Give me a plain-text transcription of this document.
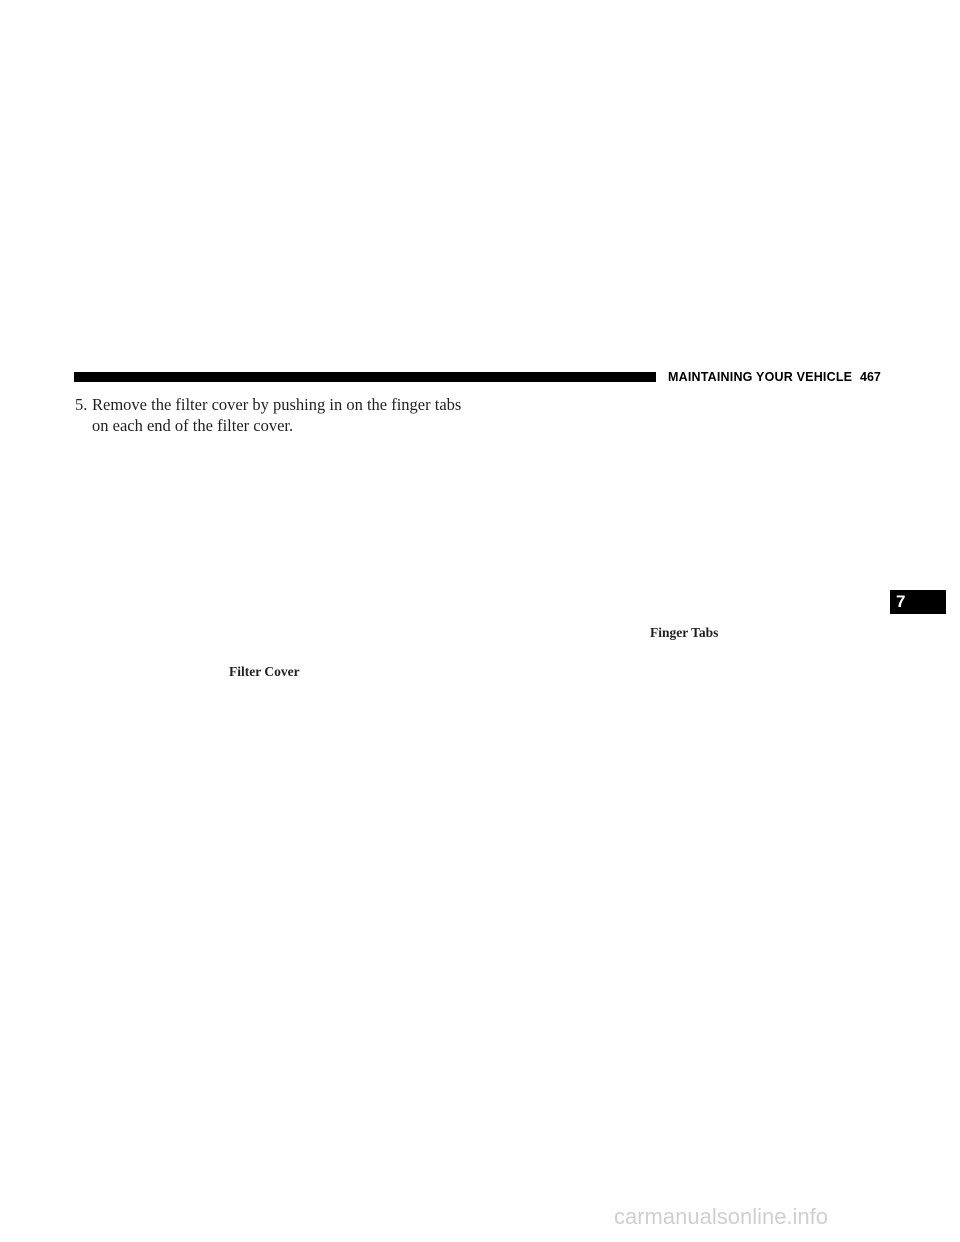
MAINTAINING YOUR VEHICLE 467
5. Remove the filter cover by pushing in on the finger tabs
on each end of the filter cover.
Finger Tabs
Filter Cover
7
carmanualsonline.info
